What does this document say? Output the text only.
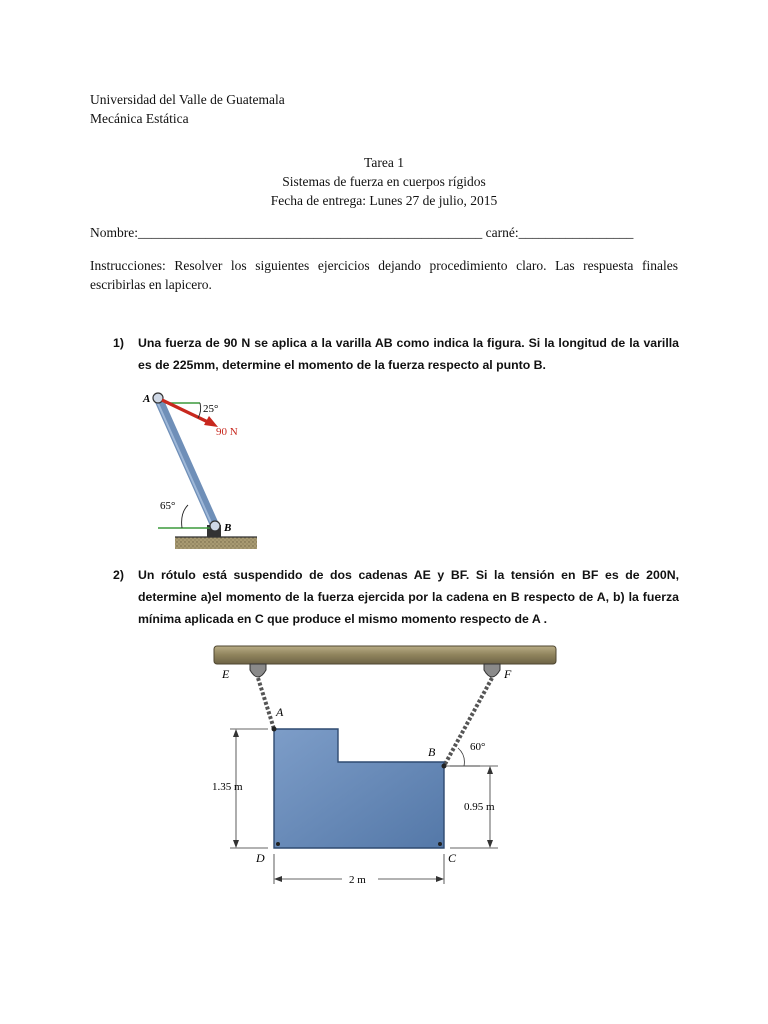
Universidad del Valle de Guatemala
Mecánica Estática
Tarea 1
Sistemas de fuerza en cuerpos rígidos
Fecha de entrega: Lunes 27 de julio, 2015
Nombre:___________________________________________________ carné:_________________
Instrucciones: Resolver los siguientes ejercicios dejando procedimiento claro. Las respuesta finales escribirlas en lapicero.
1) Una fuerza de 90 N se aplica a la varilla AB como indica la figura. Si la longitud de la varilla es de 225mm, determine el momento de la fuerza respecto al punto B.
A
25°
90 N
65°
B
2) Un rótulo está suspendido de dos cadenas AE y BF. Si la tensión en BF es de 200N, determine a)el momento de la fuerza ejercida por la cadena en B respecto de A, b) la fuerza mínima aplicada en C que produce el mismo momento respecto de A .
E	F
A
B	60°
1.35 m
0.95 m
D	C
2 m
